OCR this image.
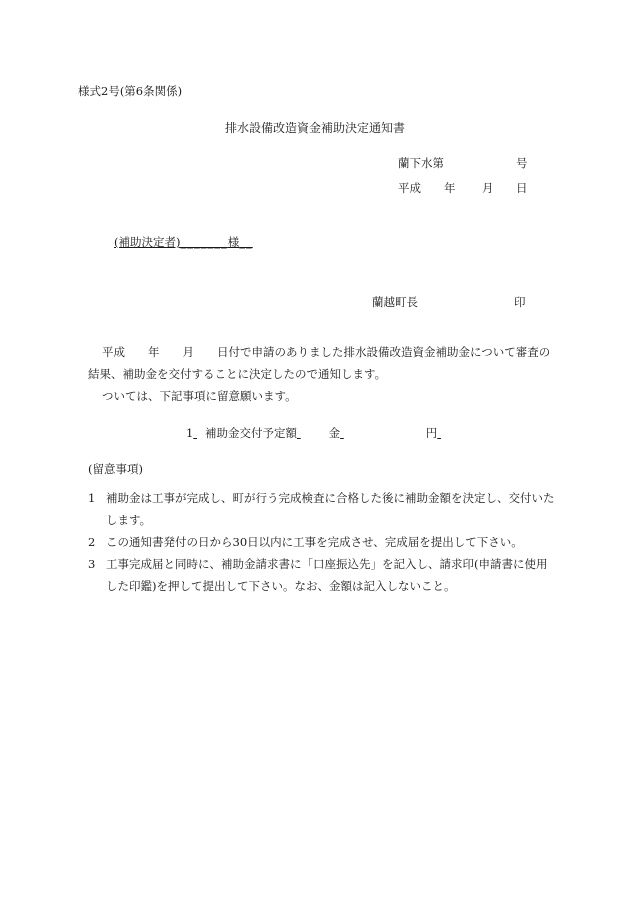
様式2号(第6条関係)
排水設備改造資金補助決定通知書
蘭下水第	号
平成 年 月 日
(補助決定者)_______様__
蘭越町長	印
平成　　年　　月　　日付で申請のありました排水設備改造資金補助金について審査の結果、補助金を交付することに決定したので通知します。
ついては、下記事項に留意願います。
1 補助金交付予定額	金	円
(留意事項)
1 補助金は工事が完成し、町が行う完成検査に合格した後に補助金額を決定し、交付いたします。
2 この通知書発付の日から30日以内に工事を完成させ、完成届を提出して下さい。
3 工事完成届と同時に、補助金請求書に「口座振込先」を記入し、請求印(申請書に使用した印鑑)を押して提出して下さい。なお、金額は記入しないこと。
